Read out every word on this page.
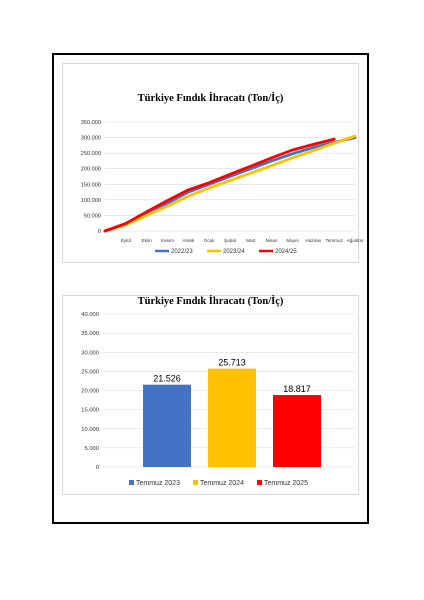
Türkiye Fındık İhracatı (Ton/İç)
0
50.000
100.000
150.000
200.000
250.000
300.000
350.000
Eylül Ekim Kasım Aralık Ocak Şubat Mart Nisan Mayıs Haziran Temmuz Ağustos
2022/23	2023/24	2024/25
Türkiye Fındık İhracatı (Ton/İç)
0
5.000
10.000
15.000
20.000
25.000
30.000
35.000
40.000
21.526
25.713
18.817
Temmuz 2023	Temmuz 2024	Temmuz 2025
